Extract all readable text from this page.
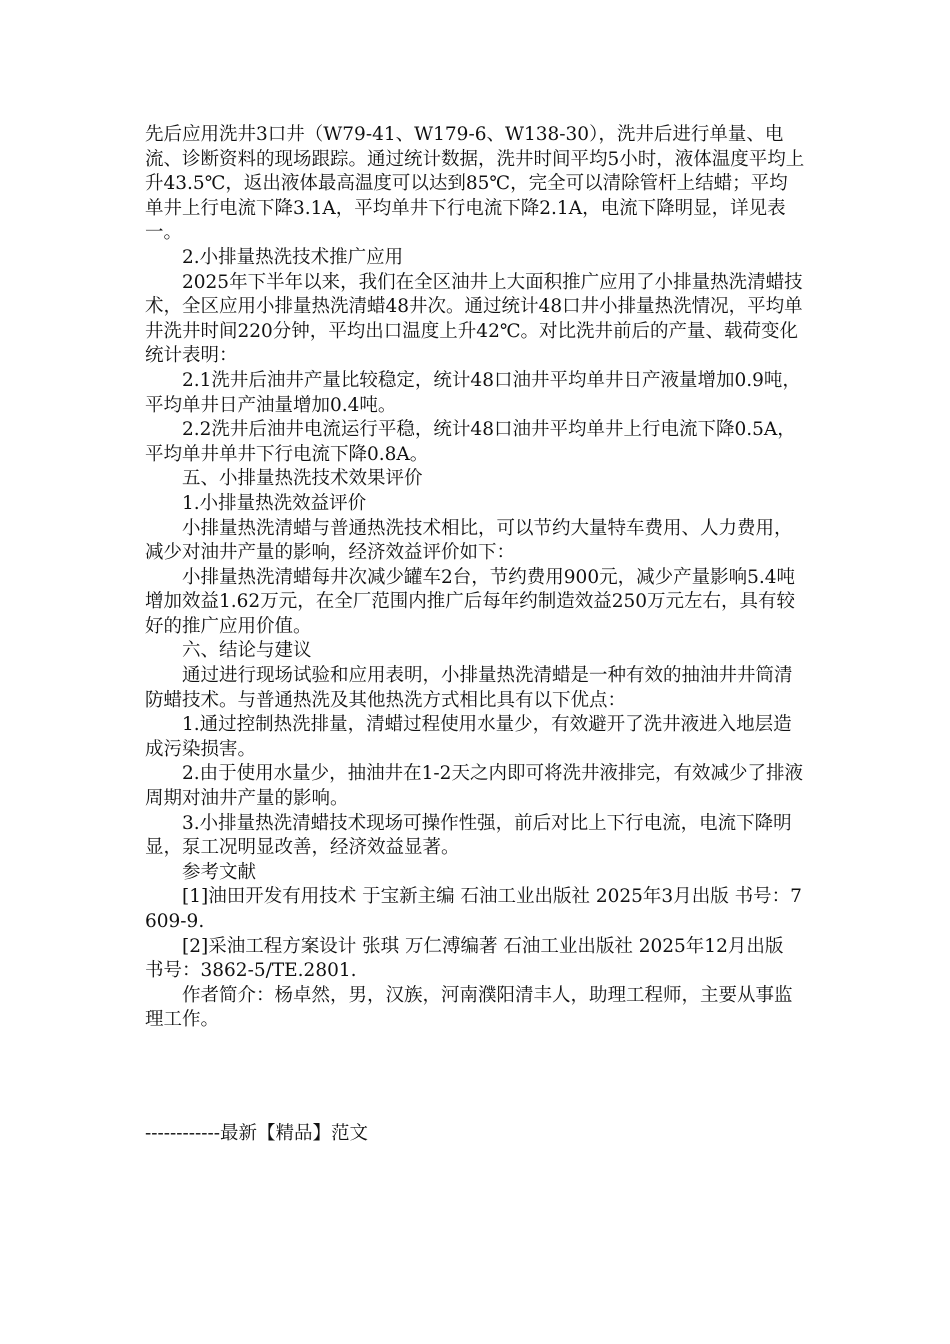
先后应用洗井3口井（W79-41、W179-6、W138-30），洗井后进行单量、电流、诊断资料的现场跟踪。通过统计数据，洗井时间平均5小时，液体温度平均上升43.5℃，返出液体最高温度可以达到85℃，完全可以清除管杆上结蜡；平均单井上行电流下降3.1A，平均单井下行电流下降2.1A，电流下降明显，详见表一。

2.小排量热洗技术推广应用

2025年下半年以来，我们在全区油井上大面积推广应用了小排量热洗清蜡技术，全区应用小排量热洗清蜡48井次。通过统计48口井小排量热洗情况，平均单井洗井时间220分钟，平均出口温度上升42℃。对比洗井前后的产量、载荷变化统计表明：

2.1洗井后油井产量比较稳定，统计48口油井平均单井日产液量增加0.9吨，平均单井日产油量增加0.4吨。

2.2洗井后油井电流运行平稳，统计48口油井平均单井上行电流下降0.5A，平均单井单井下行电流下降0.8A。

五、小排量热洗技术效果评价

1.小排量热洗效益评价

小排量热洗清蜡与普通热洗技术相比，可以节约大量特车费用、人力费用，减少对油井产量的影响，经济效益评价如下：

小排量热洗清蜡每井次减少罐车2台，节约费用900元，减少产量影响5.4吨增加效益1.62万元，在全厂范围内推广后每年约制造效益250万元左右，具有较好的推广应用价值。

六、结论与建议

通过进行现场试验和应用表明，小排量热洗清蜡是一种有效的抽油井井筒清防蜡技术。与普通热洗及其他热洗方式相比具有以下优点：

1.通过控制热洗排量，清蜡过程使用水量少，有效避开了洗井液进入地层造成污染损害。

2.由于使用水量少，抽油井在1-2天之内即可将洗井液排完，有效减少了排液周期对油井产量的影响。

3.小排量热洗清蜡技术现场可操作性强，前后对比上下行电流，电流下降明显，泵工况明显改善，经济效益显著。

参考文献

[1]油田开发有用技术 于宝新主编 石油工业出版社 2025年3月出版 书号：7609-9.

[2]采油工程方案设计 张琪 万仁溥编著 石油工业出版社 2025年12月出版 书号：3862-5/TE.2801.

作者简介：杨卓然，男，汉族，河南濮阳清丰人，助理工程师，主要从事监理工作。

------------最新【精品】范文
